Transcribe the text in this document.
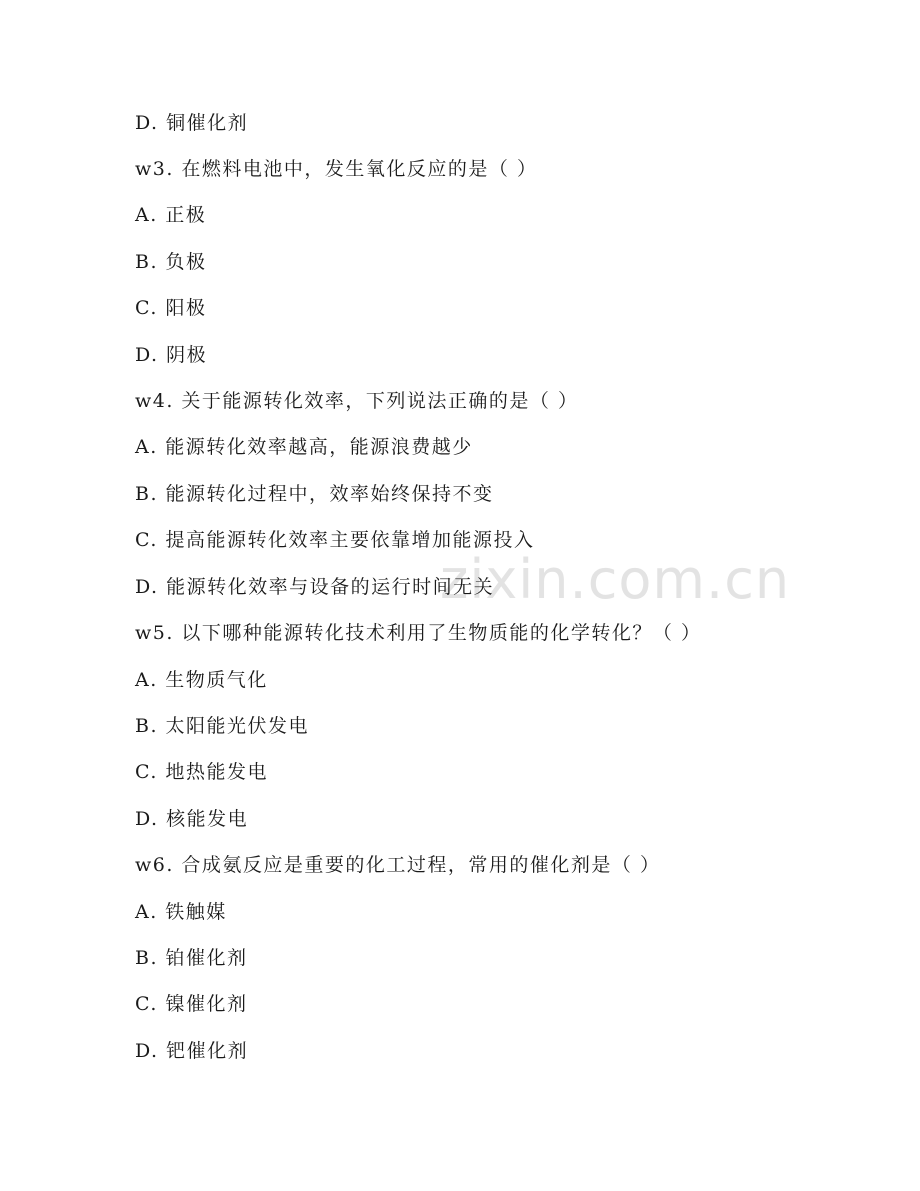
zixin.com.cn
D. 铜催化剂
w3. 在燃料电池中，发生氧化反应的是（ ）
A. 正极
B. 负极
C. 阳极
D. 阴极
w4. 关于能源转化效率，下列说法正确的是（ ）
A. 能源转化效率越高，能源浪费越少
B. 能源转化过程中，效率始终保持不变
C. 提高能源转化效率主要依靠增加能源投入
D. 能源转化效率与设备的运行时间无关
w5. 以下哪种能源转化技术利用了生物质能的化学转化？（ ）
A. 生物质气化
B. 太阳能光伏发电
C. 地热能发电
D. 核能发电
w6. 合成氨反应是重要的化工过程，常用的催化剂是（ ）
A. 铁触媒
B. 铂催化剂
C. 镍催化剂
D. 钯催化剂
